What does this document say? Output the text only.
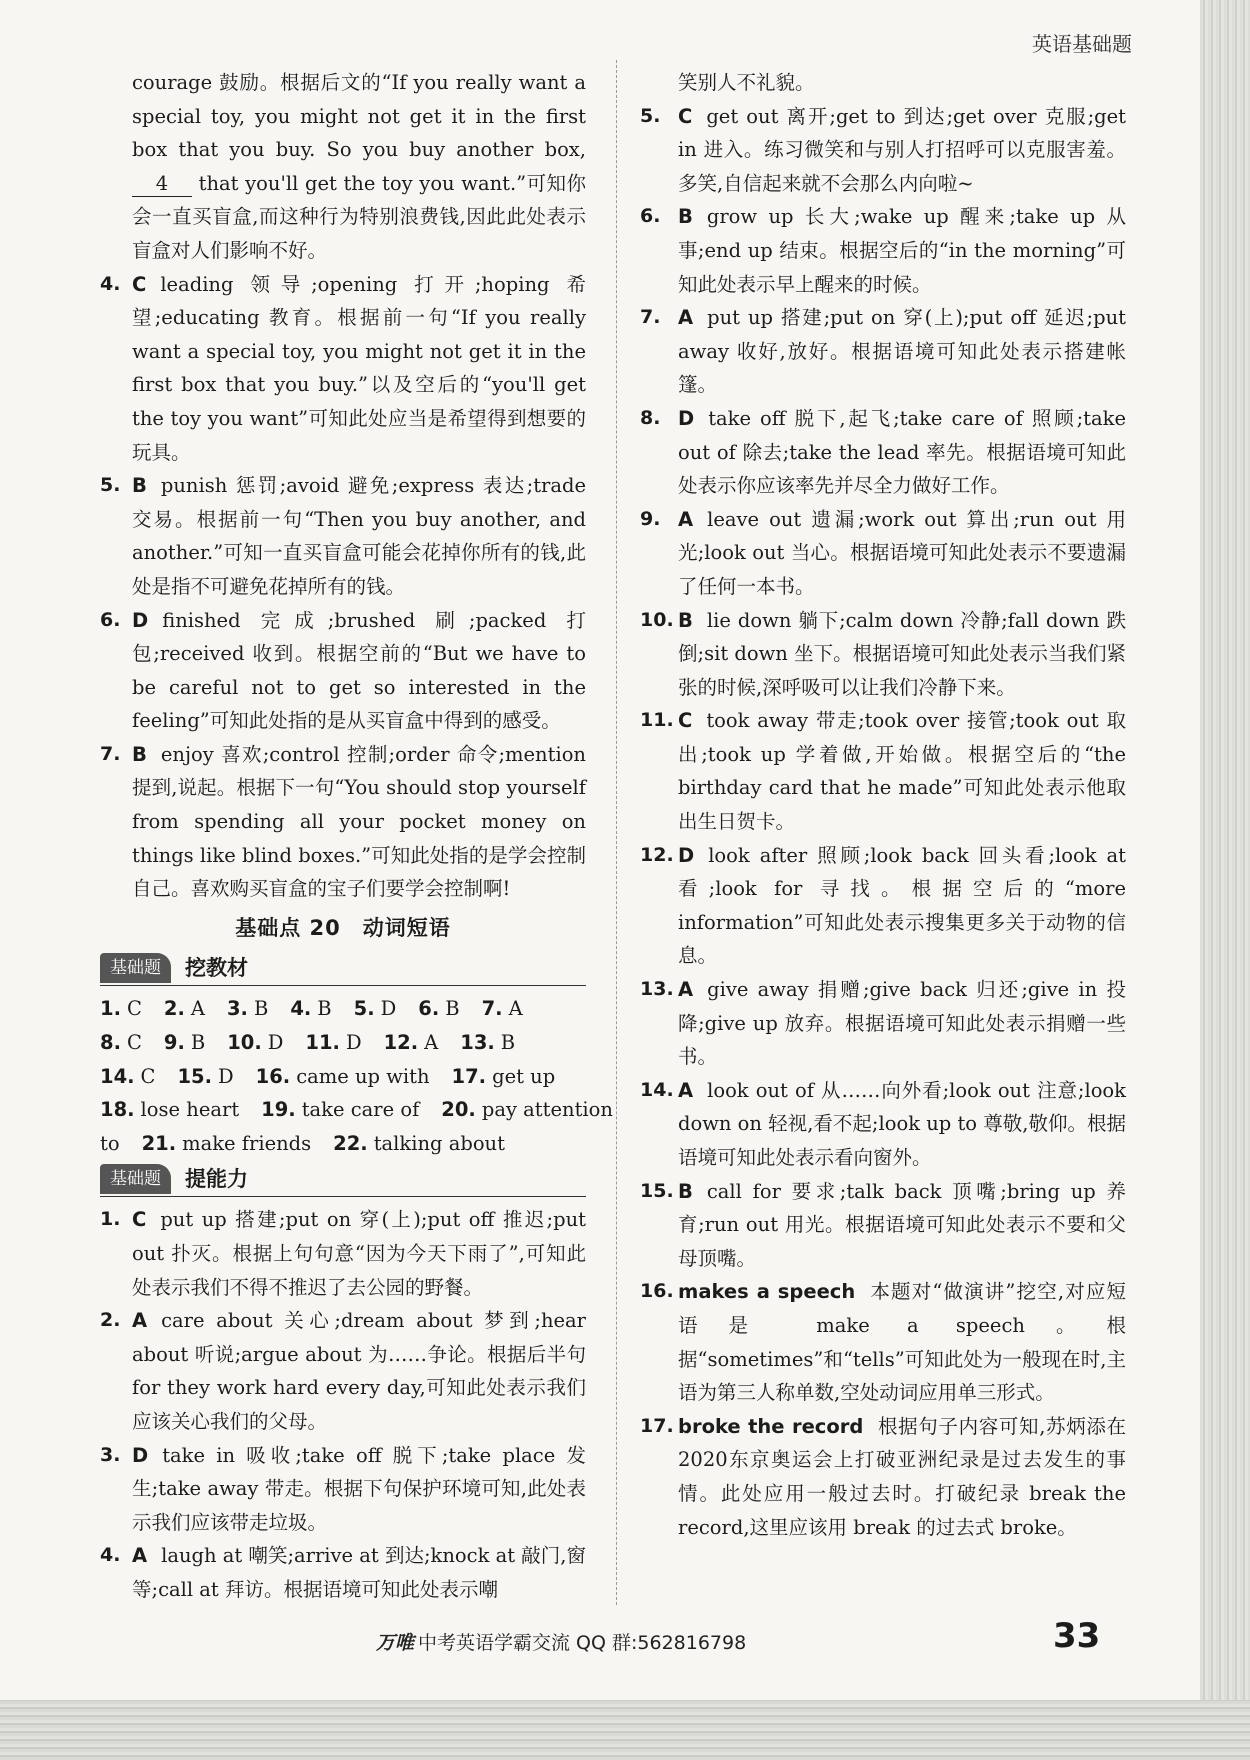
英语基础题
courage 鼓励。根据后文的“If you really want a special toy, you might not get it in the first box that you buy. So you buy another box, 4 that you'll get the toy you want.”可知你会一直买盲盒,而这种行为特别浪费钱,因此此处表示盲盒对人们影响不好。
4. C leading 领导;opening 打开;hoping 希望;educating 教育。根据前一句“If you really want a special toy, you might not get it in the first box that you buy.”以及空后的“you'll get the toy you want”可知此处应当是希望得到想要的玩具。
5. B punish 惩罚;avoid 避免;express 表达;trade 交易。根据前一句“Then you buy another, and another.”可知一直买盲盒可能会花掉你所有的钱,此处是指不可避免花掉所有的钱。
6. D finished 完成;brushed 刷;packed 打包;received 收到。根据空前的“But we have to be careful not to get so interested in the feeling”可知此处指的是从买盲盒中得到的感受。
7. B enjoy 喜欢;control 控制;order 命令;mention 提到,说起。根据下一句“You should stop yourself from spending all your pocket money on things like blind boxes.”可知此处指的是学会控制自己。喜欢购买盲盒的宝子们要学会控制啊!
基础点 20　动词短语
基础题	挖教材
1. C 2. A 3. B 4. B 5. D 6. B 7. A
8. C 9. B 10. D 11. D 12. A 13. B
14. C 15. D 16. came up with 17. get up
18. lose heart 19. take care of 20. pay attention
to 21. make friends 22. talking about
基础题	提能力
1. C put up 搭建;put on 穿(上);put off 推迟;put out 扑灭。根据上句句意“因为今天下雨了”,可知此处表示我们不得不推迟了去公园的野餐。
2. A care about 关心;dream about 梦到;hear about 听说;argue about 为……争论。根据后半句 for they work hard every day,可知此处表示我们应该关心我们的父母。
3. D take in 吸收;take off 脱下;take place 发生;take away 带走。根据下句保护环境可知,此处表示我们应该带走垃圾。
4. A laugh at 嘲笑;arrive at 到达;knock at 敲门,窗等;call at 拜访。根据语境可知此处表示嘲
笑别人不礼貌。
5. C get out 离开;get to 到达;get over 克服;get in 进入。练习微笑和与别人打招呼可以克服害羞。多笑,自信起来就不会那么内向啦~
6. B grow up 长大;wake up 醒来;take up 从事;end up 结束。根据空后的“in the morning”可知此处表示早上醒来的时候。
7. A put up 搭建;put on 穿(上);put off 延迟;put away 收好,放好。根据语境可知此处表示搭建帐篷。
8. D take off 脱下,起飞;take care of 照顾;take out of 除去;take the lead 率先。根据语境可知此处表示你应该率先并尽全力做好工作。
9. A leave out 遗漏;work out 算出;run out 用光;look out 当心。根据语境可知此处表示不要遗漏了任何一本书。
10. B lie down 躺下;calm down 冷静;fall down 跌倒;sit down 坐下。根据语境可知此处表示当我们紧张的时候,深呼吸可以让我们冷静下来。
11. C took away 带走;took over 接管;took out 取出;took up 学着做,开始做。根据空后的“the birthday card that he made”可知此处表示他取出生日贺卡。
12. D look after 照顾;look back 回头看;look at 看;look for 寻找。根据空后的“more information”可知此处表示搜集更多关于动物的信息。
13. A give away 捐赠;give back 归还;give in 投降;give up 放弃。根据语境可知此处表示捐赠一些书。
14. A look out of 从……向外看;look out 注意;look down on 轻视,看不起;look up to 尊敬,敬仰。根据语境可知此处表示看向窗外。
15. B call for 要求;talk back 顶嘴;bring up 养育;run out 用光。根据语境可知此处表示不要和父母顶嘴。
16. makes a speech 本题对“做演讲”挖空,对应短语是 make a speech。根据“sometimes”和“tells”可知此处为一般现在时,主语为第三人称单数,空处动词应用单三形式。
17. broke the record 根据句子内容可知,苏炳添在2020东京奥运会上打破亚洲纪录是过去发生的事情。此处应用一般过去时。打破纪录 break the record,这里应该用 break 的过去式 broke。
万唯 中考英语学霸交流 QQ 群:562816798	33
